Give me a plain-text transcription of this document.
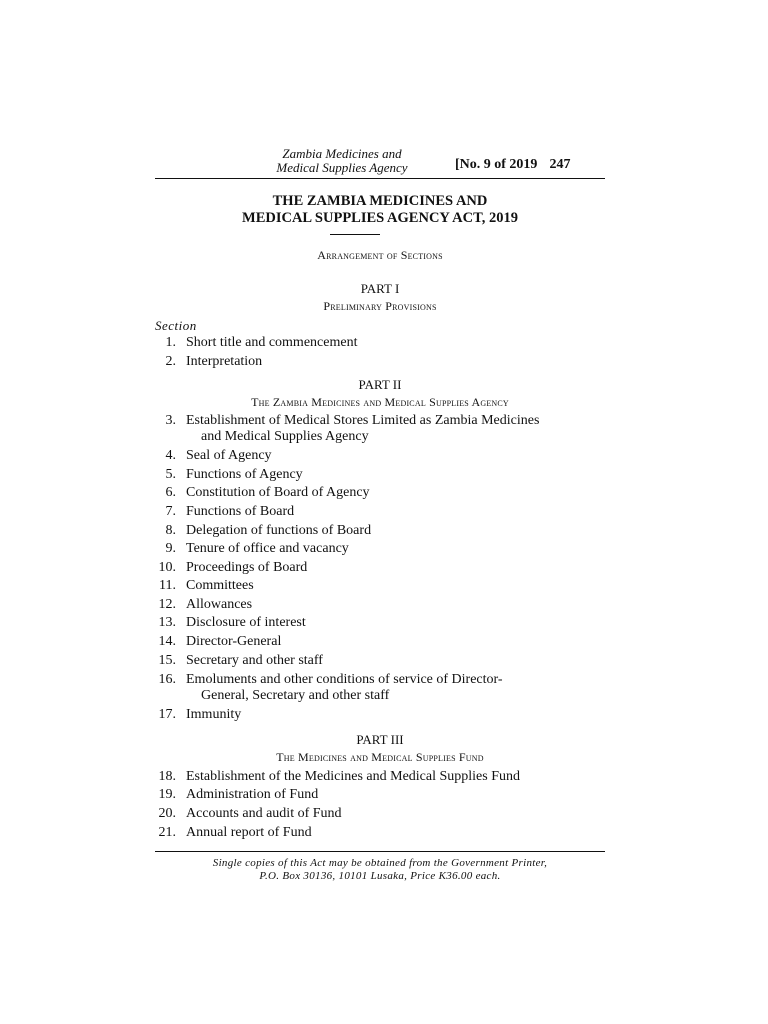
Zambia Medicines and
Medical Supplies Agency	[No. 9 of 2019 247
THE ZAMBIA MEDICINES AND
MEDICAL SUPPLIES AGENCY ACT, 2019
Arrangement of Sections
PART I
Preliminary Provisions
Section
1. Short title and commencement
2. Interpretation
PART II
The Zambia Medicines and Medical Supplies Agency
3. Establishment of Medical Stores Limited as Zambia Medicines
and Medical Supplies Agency
4. Seal of Agency
5. Functions of Agency
6. Constitution of Board of Agency
7. Functions of Board
8. Delegation of functions of Board
9. Tenure of office and vacancy
10. Proceedings of Board
11. Committees
12. Allowances
13. Disclosure of interest
14. Director-General
15. Secretary and other staff
16. Emoluments and other conditions of service of Director-
General, Secretary and other staff
17. Immunity
PART III
The Medicines and Medical Supplies Fund
18. Establishment of the Medicines and Medical Supplies Fund
19. Administration of Fund
20. Accounts and audit of Fund
21. Annual report of Fund
Single copies of this Act may be obtained from the Government Printer,
P.O. Box 30136, 10101 Lusaka, Price K36.00 each.
